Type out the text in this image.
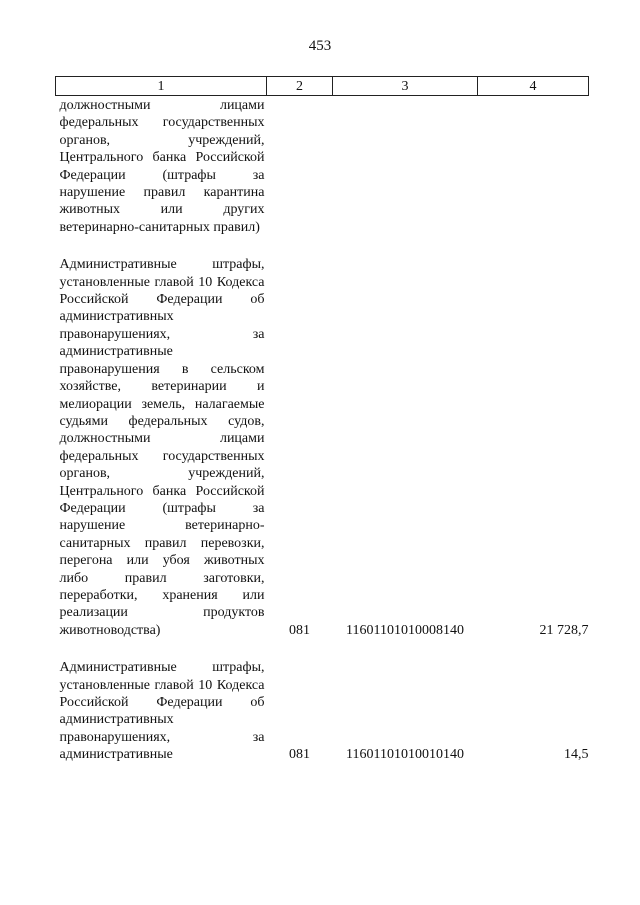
453
1	2	3	4
должностными лицами федеральных государственных органов, учреждений, Центрального банка Российской Федерации (штрафы за нарушение правил карантина животных или других ветеринарно-санитарных правил)			

Административные штрафы, установленные главой 10 Кодекса Российской Федерации об административных правонарушениях, за административные правонарушения в сельском хозяйстве, ветеринарии и мелиорации земель, налагаемые судьями федеральных судов, должностными лицами федеральных государственных органов, учреждений, Центрального банка Российской Федерации (штрафы за нарушение ветеринарно-санитарных правил перевозки, перегона или убоя животных либо правил заготовки, переработки, хранения или реализации продуктов животноводства)	081	11601101010008140	21 728,7

Административные штрафы, установленные главой 10 Кодекса Российской Федерации об административных правонарушениях, за административные	081	11601101010010140	14,5
